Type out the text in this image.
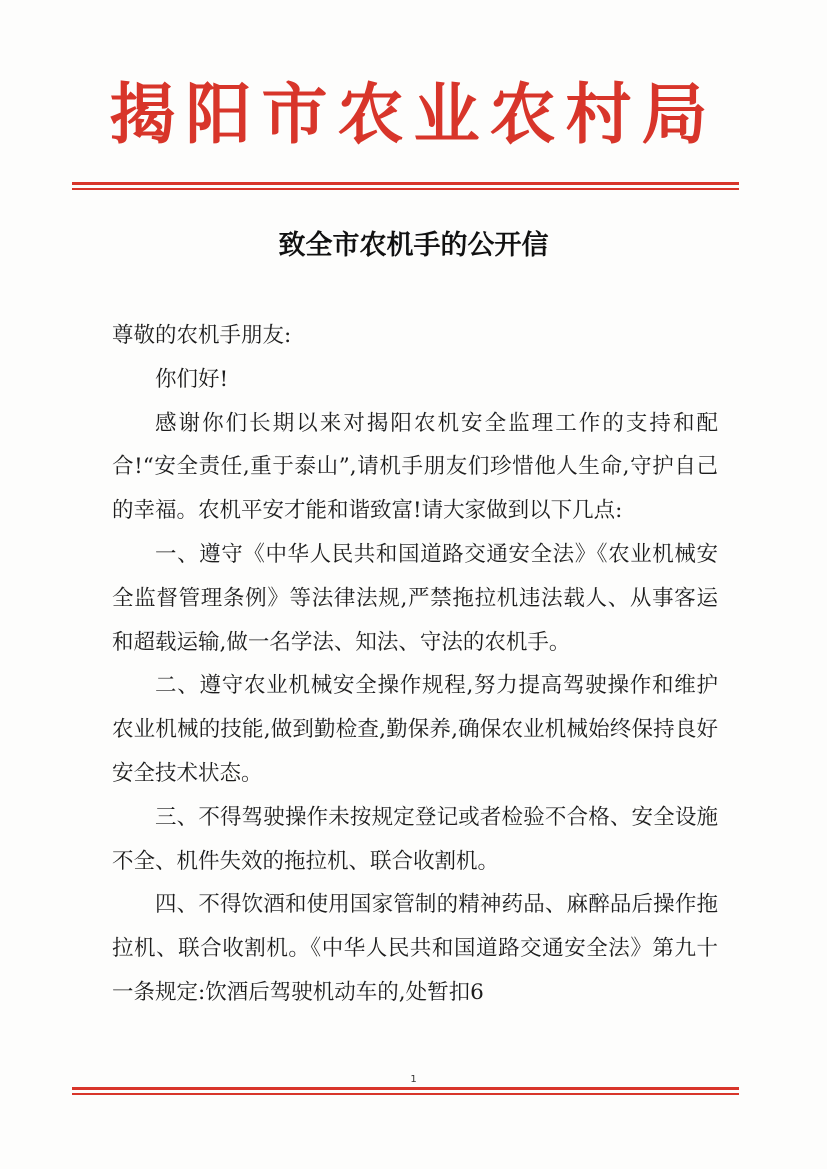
揭阳市农业农村局
致全市农机手的公开信

尊敬的农机手朋友:

你们好!

感谢你们长期以来对揭阳农机安全监理工作的支持和配合!“安全责任,重于泰山”,请机手朋友们珍惜他人生命,守护自己的幸福。农机平安才能和谐致富!请大家做到以下几点:

一、遵守《中华人民共和国道路交通安全法》《农业机械安全监督管理条例》等法律法规,严禁拖拉机违法载人、从事客运和超载运输,做一名学法、知法、守法的农机手。

二、遵守农业机械安全操作规程,努力提高驾驶操作和维护农业机械的技能,做到勤检查,勤保养,确保农业机械始终保持良好安全技术状态。

三、不得驾驶操作未按规定登记或者检验不合格、安全设施不全、机件失效的拖拉机、联合收割机。

四、不得饮酒和使用国家管制的精神药品、麻醉品后操作拖拉机、联合收割机。《中华人民共和国道路交通安全法》第九十一条规定:饮酒后驾驶机动车的,处暂扣6

1
